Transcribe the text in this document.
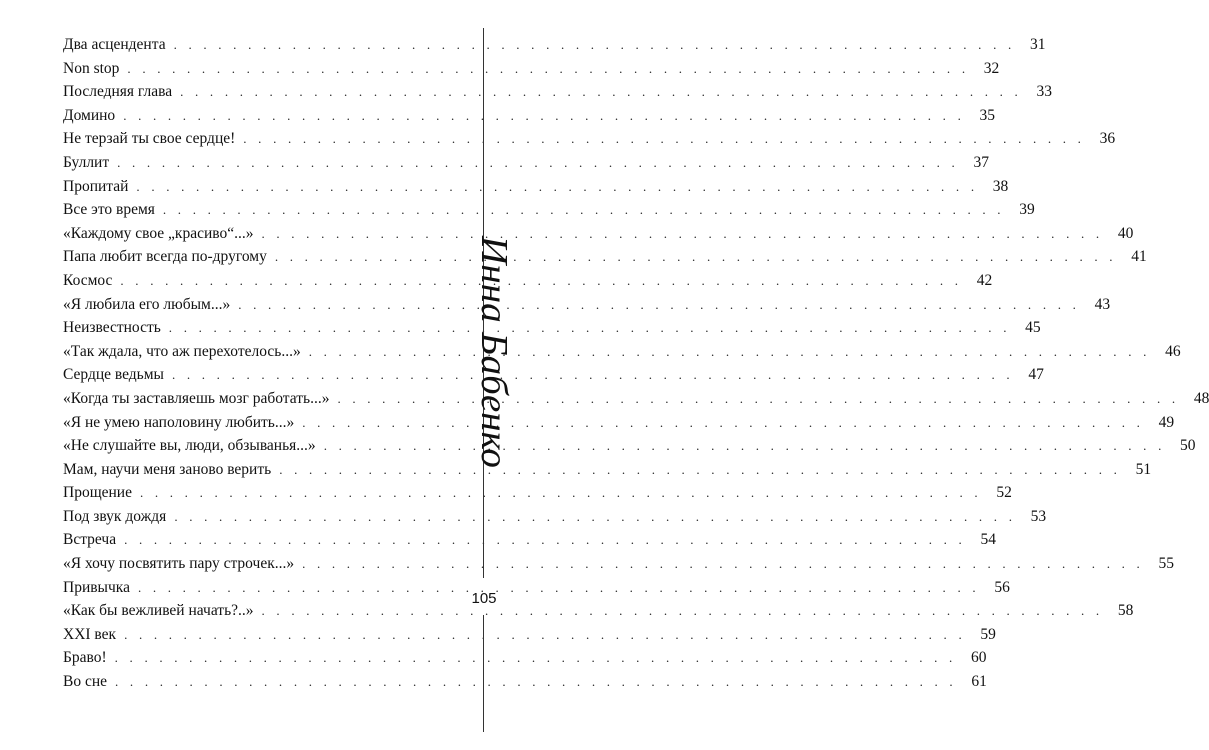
Два асцендента . . .	31
Non stop . . .	32
Последняя глава . . .	33
Домино . . .	35
Не терзай ты свое сердце! . . .	36
Буллит . . .	37
Пропитай . . .	38
Все это время . . .	39
«Каждому свое „красиво“...» . . .	40
Папа любит всегда по-другому . . .	41
Космос . . .	42
«Я любила его любым...» . . .	43
Неизвестность . . .	45
«Так ждала, что аж перехотелось...» . . .	46
Сердце ведьмы . . .	47
«Когда ты заставляешь мозг работать...» . . .	48
«Я не умею наполовину любить...» . . .	49
«Не слушайте вы, люди, обзыванья...» . . .	50
Мам, научи меня заново верить . . .	51
Прощение . . .	52
Под звук дождя . . .	53
Встреча . . .	54
«Я хочу посвятить пару строчек...» . . .	55
Привычка . . .	56
«Как бы вежливей начать?..» . . .	58
XXI век . . .	59
Браво! . . .	60
Во сне . . .	61
Инна Бабенко
105
